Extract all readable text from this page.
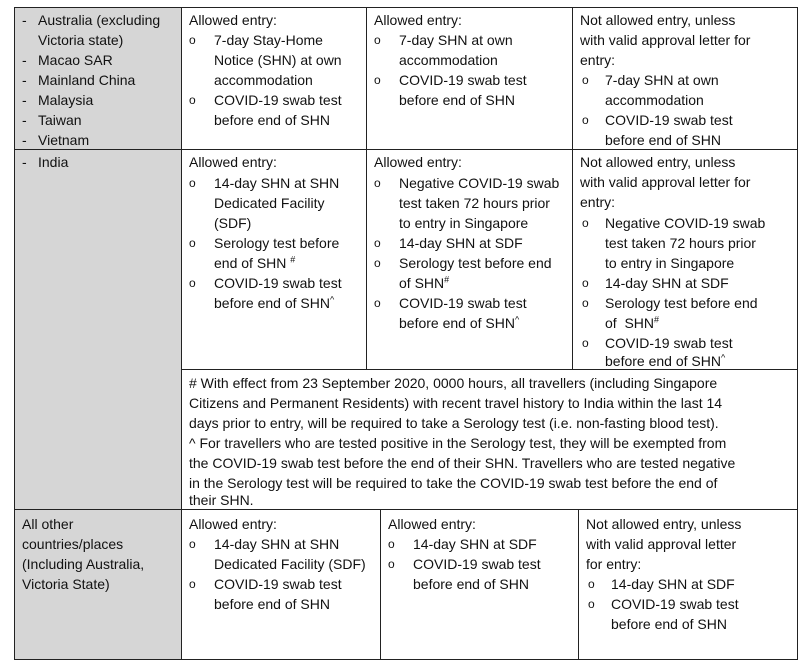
- Australia (excluding
Victoria state)
- Macao SAR
- Mainland China
- Malaysia
- Taiwan
- Vietnam
Allowed entry:
o 7-day Stay-Home
Notice (SHN) at own
accommodation
o COVID-19 swab test
before end of SHN
Allowed entry:
o 7-day SHN at own
accommodation
o COVID-19 swab test
before end of SHN
Not allowed entry, unless
with valid approval letter for
entry:
o 7-day SHN at own
accommodation
o COVID-19 swab test
before end of SHN
- India	Allowed entry:
o 14-day SHN at SHN
Dedicated Facility
(SDF)
o Serology test before
end of SHN #
o COVID-19 swab test
before end of SHN^
Allowed entry:
o Negative COVID-19 swab
test taken 72 hours prior
to entry in Singapore
o 14-day SHN at SDF
o Serology test before end
of SHN#
o COVID-19 swab test
before end of SHN^
Not allowed entry, unless
with valid approval letter for
entry:
o Negative COVID-19 swab
test taken 72 hours prior
to entry in Singapore
o 14-day SHN at SDF
o Serology test before end
of  SHN#
o COVID-19 swab test
before end of SHN^
# With effect from 23 September 2020, 0000 hours, all travellers (including Singapore
Citizens and Permanent Residents) with recent travel history to India within the last 14
days prior to entry, will be required to take a Serology test (i.e. non-fasting blood test).
^ For travellers who are tested positive in the Serology test, they will be exempted from
the COVID-19 swab test before the end of their SHN. Travellers who are tested negative
in the Serology test will be required to take the COVID-19 swab test before the end of
their SHN.
All other
countries/places
(Including Australia,
Victoria State)
Allowed entry:
o 14-day SHN at SHN
Dedicated Facility (SDF)
o COVID-19 swab test
before end of SHN
Allowed entry:
o 14-day SHN at SDF
o COVID-19 swab test
before end of SHN
Not allowed entry, unless
with valid approval letter
for entry:
o 14-day SHN at SDF
o COVID-19 swab test
before end of SHN
